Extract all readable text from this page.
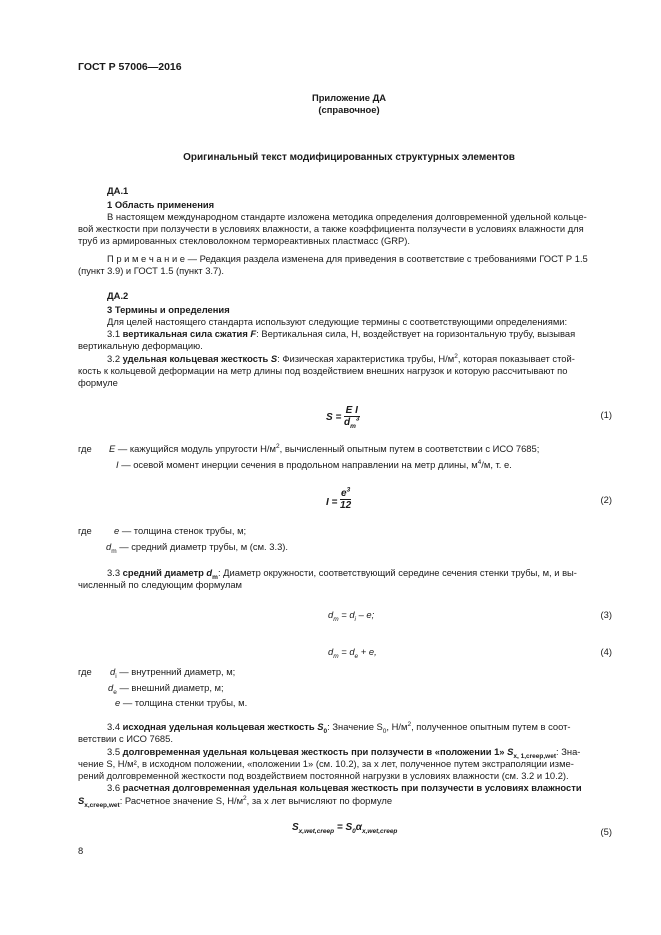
ГОСТ Р 57006—2016
Приложение ДА
(справочное)
Оригинальный текст модифицированных структурных элементов
ДА.1
1 Область применения
В настоящем международном стандарте изложена методика определения долговременной удельной кольце-
вой жесткости при ползучести в условиях влажности, а также коэффициента ползучести в условиях влажности для
труб из армированных стекловолокном термореактивных пластмасс (GRP).
П р и м е ч а н и е — Редакция раздела изменена для приведения в соответствие с требованиями ГОСТ Р 1.5
(пункт 3.9) и ГОСТ 1.5 (пункт 3.7).
ДА.2
3 Термины и определения
Для целей настоящего стандарта используют следующие термины с соответствующими определениями:
3.1 вертикальная сила сжатия F: Вертикальная сила, Н, воздействует на горизонтальную трубу, вызывая
вертикальную деформацию.
3.2 удельная кольцевая жесткость S: Физическая характеристика трубы, $Н/м^2$, которая показывает стой-
кость к кольцевой деформации на метр длины под воздействием внешних нагрузок и которую рассчитывают по
формуле
$S = \frac{\text{E I}}{d_m^3}$	(1)
где E — кажущийся модуль упругости $Н/м^2$, вычисленный опытным путем в соответствии с ИСО 7685;
I — осевой момент инерции сечения в продольном направлении на метр длины, $м^4/м$, т. е.
$I = \frac{e^3}{12}$	(2)
где e — толщина стенок трубы, м;
$d_m$ — средний диаметр трубы, м (см. 3.3).
3.3 средний диаметр $d_m$: Диаметр окружности, соответствующий середине сечения стенки трубы, м, и вы-
численный по следующим формулам
$d_m = d_i - e$;	(3)
$d_m = d_e + e$,	(4)
где $d_i$ — внутренний диаметр, м;
$d_e$ — внешний диаметр, м;
e — толщина стенки трубы, м.
3.4 исходная удельная кольцевая жесткость $S_0$: Значение $S_0$, $Н/м^2$, полученное опытным путем в соот-
ветствии с ИСО 7685.
3.5 долговременная удельная кольцевая жесткость при ползучести в «положении 1» $S_{x, 1,creep,wet}$: Зна-
чение S, Н/м², в исходном положении, «положении 1» (см. 10.2), за x лет, полученное путем экстраполяции изме-
рений долговременной жесткости под воздействием постоянной нагрузки в условиях влажности (см. 3.2 и 10.2).
3.6 расчетная долговременная удельная кольцевая жесткость при ползучести в условиях влажности
$S_{x,creep,wet}$: Расчетное значение S, $Н/м^2$, за x лет вычисляют по формуле
$S_{x,wet,creep} = S_0\alpha_{x,wet,creep}$	(5)
8
